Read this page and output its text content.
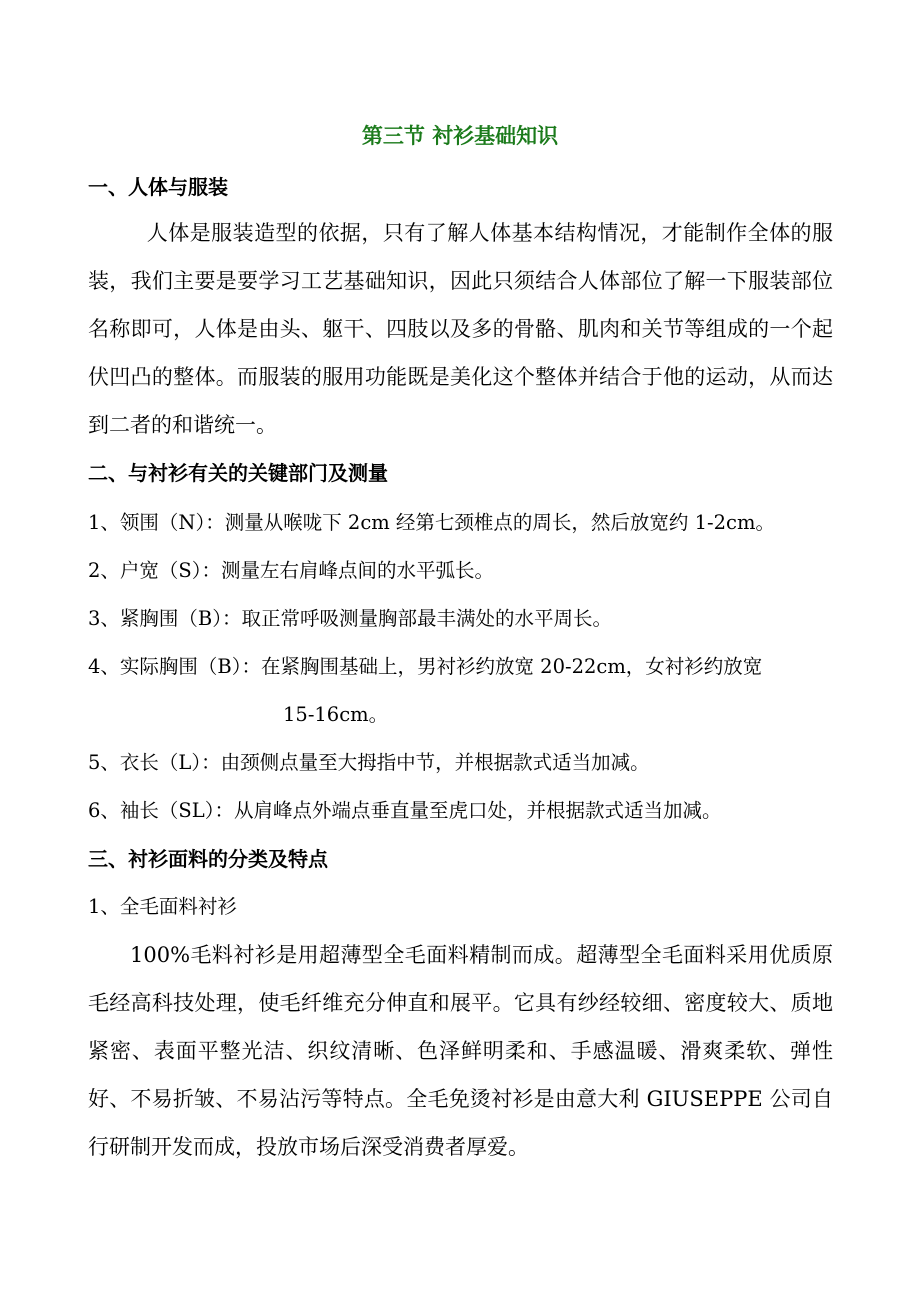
第三节 衬衫基础知识
一、人体与服装
人体是服装造型的依据，只有了解人体基本结构情况，才能制作全体的服装，我们主要是要学习工艺基础知识，因此只须结合人体部位了解一下服装部位名称即可，人体是由头、躯干、四肢以及多的骨骼、肌肉和关节等组成的一个起伏凹凸的整体。而服装的服用功能既是美化这个整体并结合于他的运动，从而达到二者的和谐统一。
二、与衬衫有关的关键部门及测量
1、领围（N）：测量从喉咙下 2cm 经第七颈椎点的周长，然后放宽约 1-2cm。
2、户宽（S）：测量左右肩峰点间的水平弧长。
3、紧胸围（B）：取正常呼吸测量胸部最丰满处的水平周长。
4、实际胸围（B）：在紧胸围基础上，男衬衫约放宽 20-22cm，女衬衫约放宽
15-16cm。
5、衣长（L）：由颈侧点量至大拇指中节，并根据款式适当加减。
6、袖长（SL）：从肩峰点外端点垂直量至虎口处，并根据款式适当加减。
三、衬衫面料的分类及特点
1、全毛面料衬衫
100%毛料衬衫是用超薄型全毛面料精制而成。超薄型全毛面料采用优质原毛经高科技处理，使毛纤维充分伸直和展平。它具有纱经较细、密度较大、质地紧密、表面平整光洁、织纹清晰、色泽鲜明柔和、手感温暖、滑爽柔软、弹性好、不易折皱、不易沾污等特点。全毛免烫衬衫是由意大利 GIUSEPPE 公司自行研制开发而成，投放市场后深受消费者厚爱。
